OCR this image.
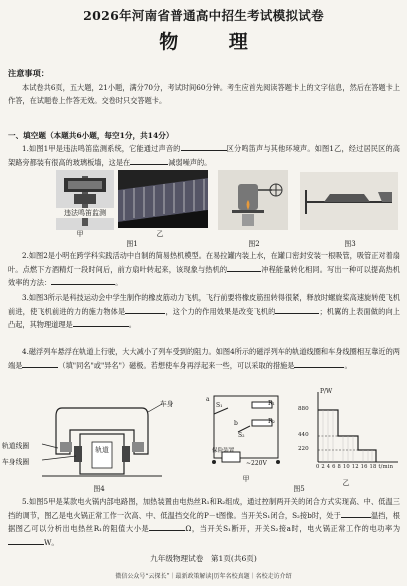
2026年河南省普通高中招生考试模拟试卷
物 理
注意事项：
本试卷共6页，五大题，21小题，满分70分，考试时间60分钟。考生应首先阅读答题卡上的文字信息，然后在答题卡上作答，在试题卷上作答无效。交卷时只交答题卡。
一、填空题（本题共6小题，每空1分，共14分）
1.如图1甲是违法鸣笛监测系统，它能通过声音的	区分鸣笛声与其他环境声。如图1乙，经过居民区的高架路旁都装有很高的玻璃板墙，这是在	减弱噪声的。
违法鸣笛监测
甲	乙
图1	图2	图3
2.如图2是小明在跨学科实践活动中自制的简易热机模型。在易拉罐内装上水，在罐口密封安装一根吸管，吸管正对着扇叶。点燃下方酒精灯一段时间后，前方扇叶转起来，该现象与热机的	冲程能量转化相同。写出一种可以提高热机效率的方法：	。
3.如图3所示是科技运动会中学生制作的橡皮筋动力飞机，飞行前要将橡皮筋扭转得很紧，释放时螺旋桨高速旋转使飞机前进，使飞机前进的力的施力物体是	，这个力的作用效果是改变飞机的	；机翼的上表面做的向上凸起，其物理道理是	。
4.磁浮列车悬浮在轨道上行驶，大大减小了列车受到的阻力。如图4所示的磁浮列车的轨道线圈和车身线圈相互靠近的两端是	（填"同名"或"异名"）磁极。若想使车身再浮起来一些，可以采取的措施是	。
车身
轨道线圈
车身线圈
轨道
图4
a
b
R₁
R₂
S₁
S₂
保险装置
~220V
甲
P/W
880
440
220
0 2 4 6 8 10 12 16 18 t/min
乙
图5
5.如图5甲是某款电火锅内部电路图，加热装置由电热丝R₁和R₂组成，通过控制两开关的闭合方式实现高、中、低温三挡的调节，图乙是电火锅正常工作一次高、中、低温挡交化的P－t图像。当开关S₁闭合，S₂接b时，处于	温挡，根据图乙可以分析出电热丝R₁的阻值大小是	Ω，当开关S₁断开，开关S₂接a时，电火锅正常工作的电功率为W。
九年级物理试卷　第1页(共6页)
微信公众号“云探长”｜最新政策解读|历年名校真题｜名校走访介绍
